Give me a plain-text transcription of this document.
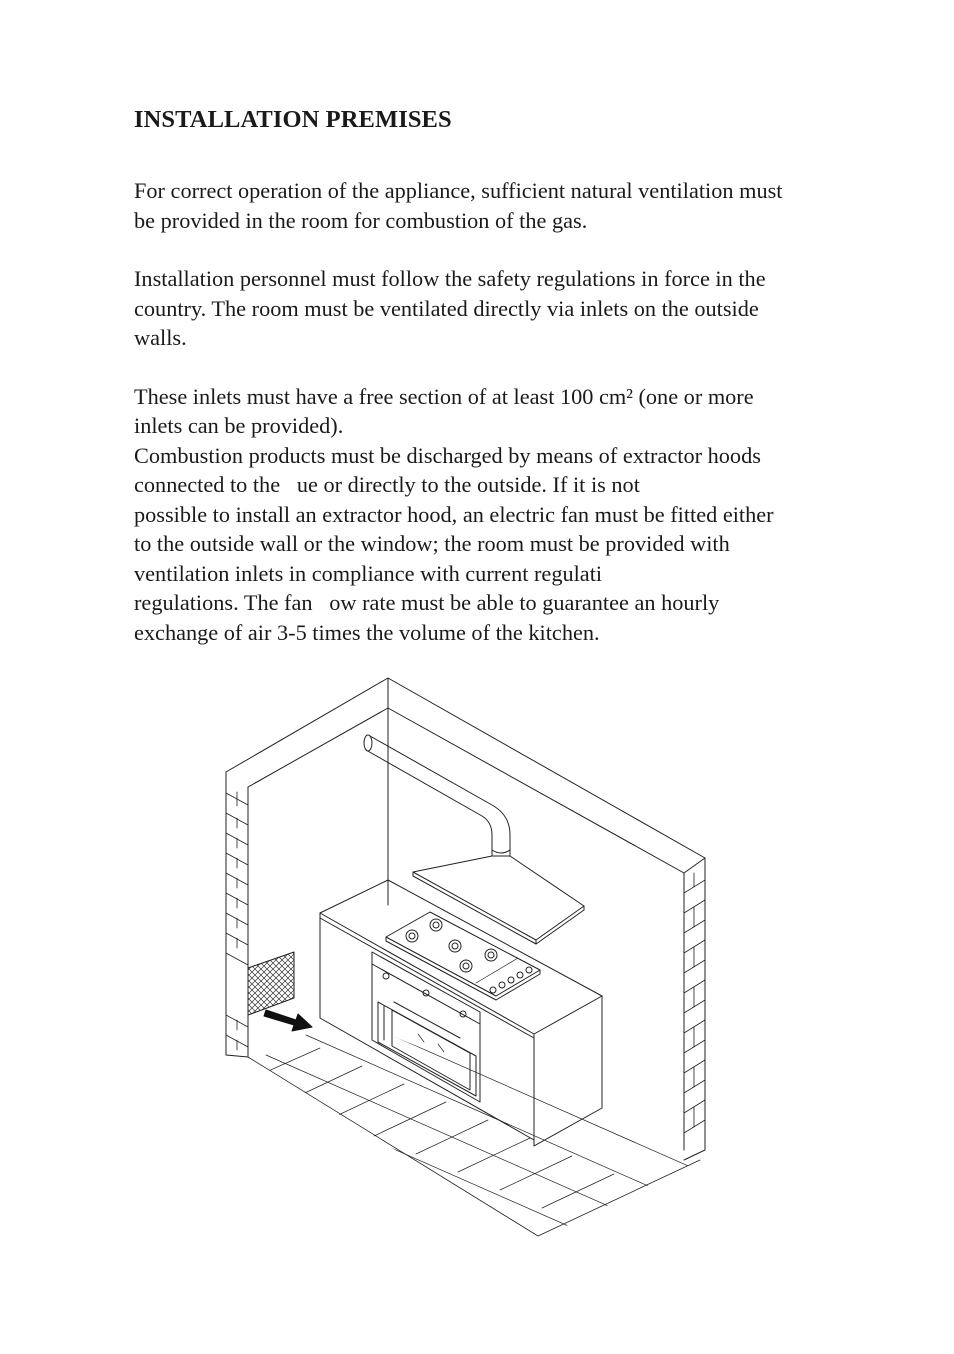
INSTALLATION PREMISES
For correct operation of the appliance, sufficient natural ventilation must
be provided in the room for combustion of the gas.
Installation personnel must follow the safety regulations in force in the
country. The room must be ventilated directly via inlets on the outside
walls.
These inlets must have a free section of at least 100 cm² (one or more
inlets can be provided).
Combustion products must be discharged by means of extractor hoods
connected to the   ue or directly to the outside. If it is not
possible to install an extractor hood, an electric fan must be fitted either
to the outside wall or the window; the room must be provided with
ventilation inlets in compliance with current regulati
regulations. The fan   ow rate must be able to guarantee an hourly
exchange of air 3-5 times the volume of the kitchen.
